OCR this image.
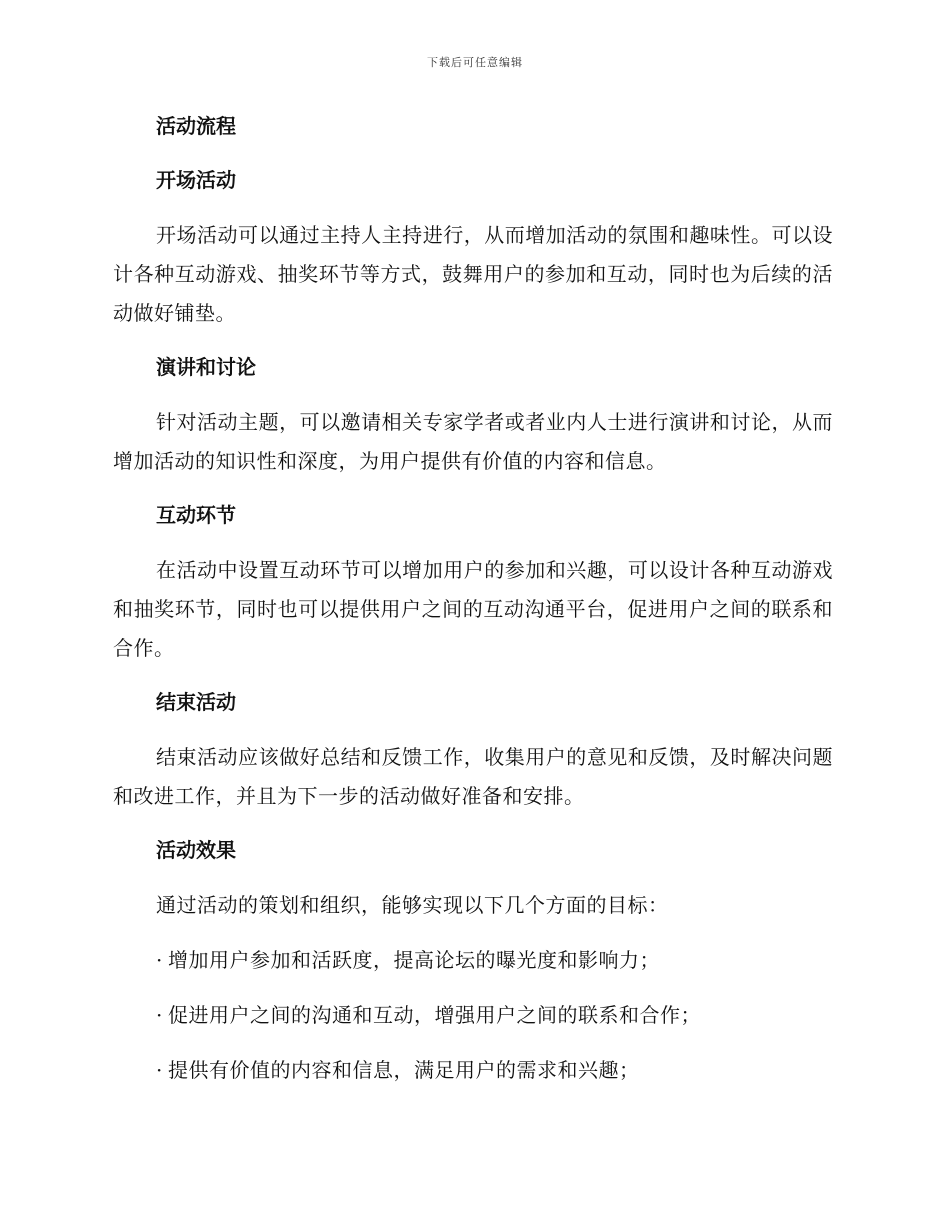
下载后可任意编辑
活动流程
开场活动

开场活动可以通过主持人主持进行，从而增加活动的氛围和趣味性。可以设计各种互动游戏、抽奖环节等方式，鼓舞用户的参加和互动，同时也为后续的活动做好铺垫。

演讲和讨论

针对活动主题，可以邀请相关专家学者或者业内人士进行演讲和讨论，从而增加活动的知识性和深度，为用户提供有价值的内容和信息。

互动环节

在活动中设置互动环节可以增加用户的参加和兴趣，可以设计各种互动游戏和抽奖环节，同时也可以提供用户之间的互动沟通平台，促进用户之间的联系和合作。

结束活动

结束活动应该做好总结和反馈工作，收集用户的意见和反馈，及时解决问题和改进工作，并且为下一步的活动做好准备和安排。

活动效果

通过活动的策划和组织，能够实现以下几个方面的目标：

· 增加用户参加和活跃度，提高论坛的曝光度和影响力；
· 促进用户之间的沟通和互动，增强用户之间的联系和合作；
· 提供有价值的内容和信息，满足用户的需求和兴趣；
